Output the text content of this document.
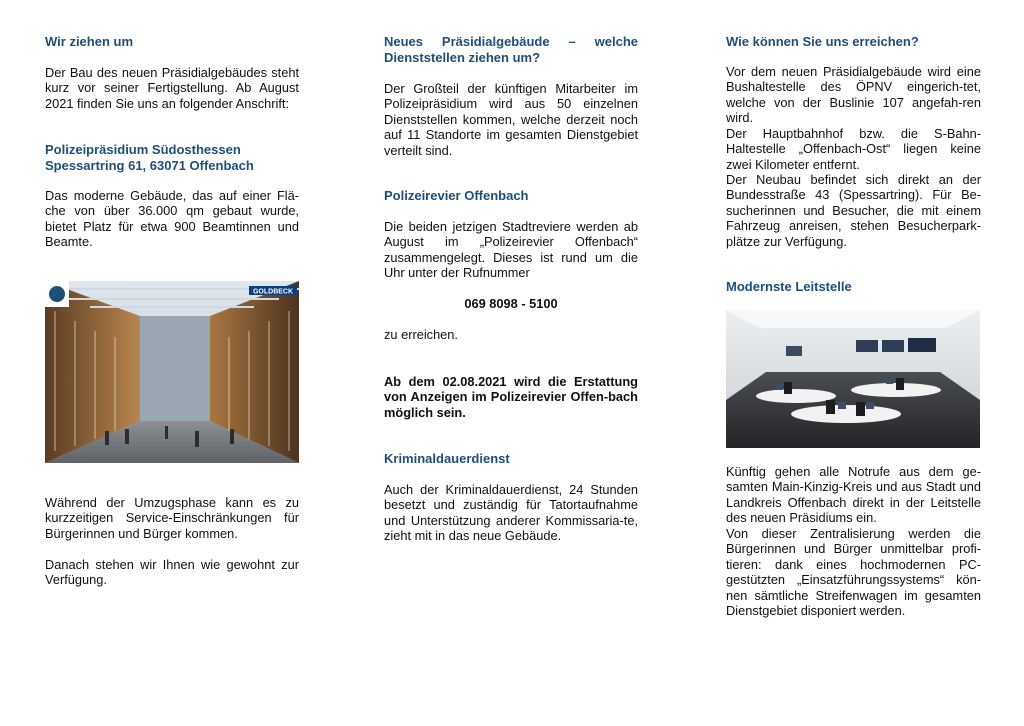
Wir ziehen um

Der Bau des neuen Präsidialgebäudes steht kurz vor seiner Fertigstellung. Ab August 2021 finden Sie uns an folgender Anschrift:

Polizeipräsidium Südosthessen
Spessartring 61, 63071 Offenbach

Das moderne Gebäude, das auf einer Flä-che von über 36.000 qm gebaut wurde, bietet Platz für etwa 900 Beamtinnen und Beamte.

GOLDBECK

Während der Umzugsphase kann es zu kurzzeitigen Service-Einschränkungen für Bürgerinnen und Bürger kommen.

Danach stehen wir Ihnen wie gewohnt zur Verfügung.

Neues Präsidialgebäude – welche Dienststellen ziehen um?

Der Großteil der künftigen Mitarbeiter im Polizeipräsidium wird aus 50 einzelnen Dienststellen kommen, welche derzeit noch auf 11 Standorte im gesamten Dienstgebiet verteilt sind.

Polizeirevier Offenbach

Die beiden jetzigen Stadtreviere werden ab August im „Polizeirevier Offenbach“ zusammengelegt. Dieses ist rund um die Uhr unter der Rufnummer

069 8098 - 5100

zu erreichen.

Ab dem 02.08.2021 wird die Erstattung von Anzeigen im Polizeirevier Offen-bach möglich sein.

Kriminaldauerdienst

Auch der Kriminaldauerdienst, 24 Stunden besetzt und zuständig für Tatortaufnahme und Unterstützung anderer Kommissaria-te, zieht mit in das neue Gebäude.

Wie können Sie uns erreichen?

Vor dem neuen Präsidialgebäude wird eine Bushaltestelle des ÖPNV eingerich-tet, welche von der Buslinie 107 angefah-ren wird.

Der Hauptbahnhof bzw. die S-Bahn-Haltestelle „Offenbach-Ost“ liegen keine zwei Kilometer entfernt.

Der Neubau befindet sich direkt an der Bundesstraße 43 (Spessartring). Für Be-sucherinnen und Besucher, die mit einem Fahrzeug anreisen, stehen Besucherpark-plätze zur Verfügung.

Modernste Leitstelle

Künftig gehen alle Notrufe aus dem ge-samten Main-Kinzig-Kreis und aus Stadt und Landkreis Offenbach direkt in der Leitstelle des neuen Präsidiums ein.

Von dieser Zentralisierung werden die Bürgerinnen und Bürger unmittelbar profi-tieren: dank eines hochmodernen PC-gestützten „Einsatzführungssystems“ kön-nen sämtliche Streifenwagen im gesamten Dienstgebiet disponiert werden.
